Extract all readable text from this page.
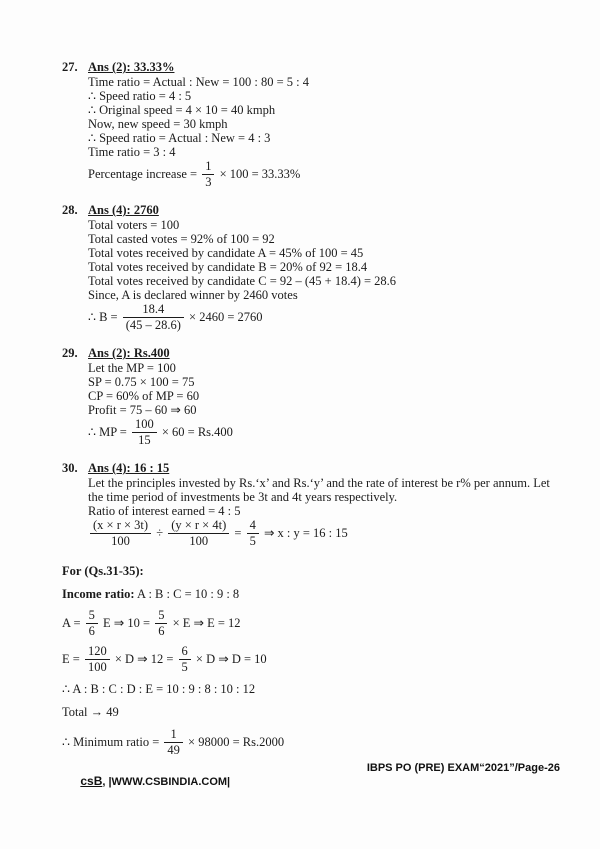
27. Ans (2): 33.33%
Time ratio = Actual : New = 100 : 80 = 5 : 4
∴ Speed ratio = 4 : 5
∴ Original speed = 4 × 10 = 40 kmph
Now, new speed = 30 kmph
∴ Speed ratio = Actual : New = 4 : 3
Time ratio = 3 : 4
Percentage increase = $\frac{1}{3} \times 100 = 33.33\%$
28. Ans (4): 2760
Total voters = 100
Total casted votes = 92% of 100 = 92
Total votes received by candidate A = 45% of 100 = 45
Total votes received by candidate B = 20% of 92 = 18.4
Total votes received by candidate C = 92 – (45 + 18.4) = 28.6
Since, A is declared winner by 2460 votes
∴ $B = \frac{18.4}{(45 - 28.6)} \times 2460 = 2760$
29. Ans (2): Rs.400
Let the MP = 100
SP = 0.75 × 100 = 75
CP = 60% of MP = 60
Profit = 75 – 60 ⇒ 60
∴ MP = $\frac{100}{15} \times 60 = Rs.400$
30. Ans (4): 16 : 15
Let the principles invested by Rs.‘x’ and Rs.‘y’ and the rate of interest be r% per annum. Let the time period of investments be 3t and 4t years respectively.
Ratio of interest earned = 4 : 5
$\frac{(x \times r \times 3t)}{100} \div \frac{(y \times r \times 4t)}{100} = \frac{4}{5}$ ⇒ x : y = 16 : 15
For (Qs.31-35):
Income ratio: A : B : C = 10 : 9 : 8
$A = \frac{5}{6}$ E ⇒ $10 = \frac{5}{6} \times E$ ⇒ E = 12
$E = \frac{120}{100} \times D$ ⇒ $12 = \frac{6}{5} \times D$ ⇒ D = 10
∴ A : B : C : D : E = 10 : 9 : 8 : 10 : 12
Total → 49
∴ Minimum ratio = $\frac{1}{49} \times 98000 = Rs.2000$

csB, |WWW.CSBINDIA.COM|

IBPS PO (PRE) EXAM“2021”/Page-26
